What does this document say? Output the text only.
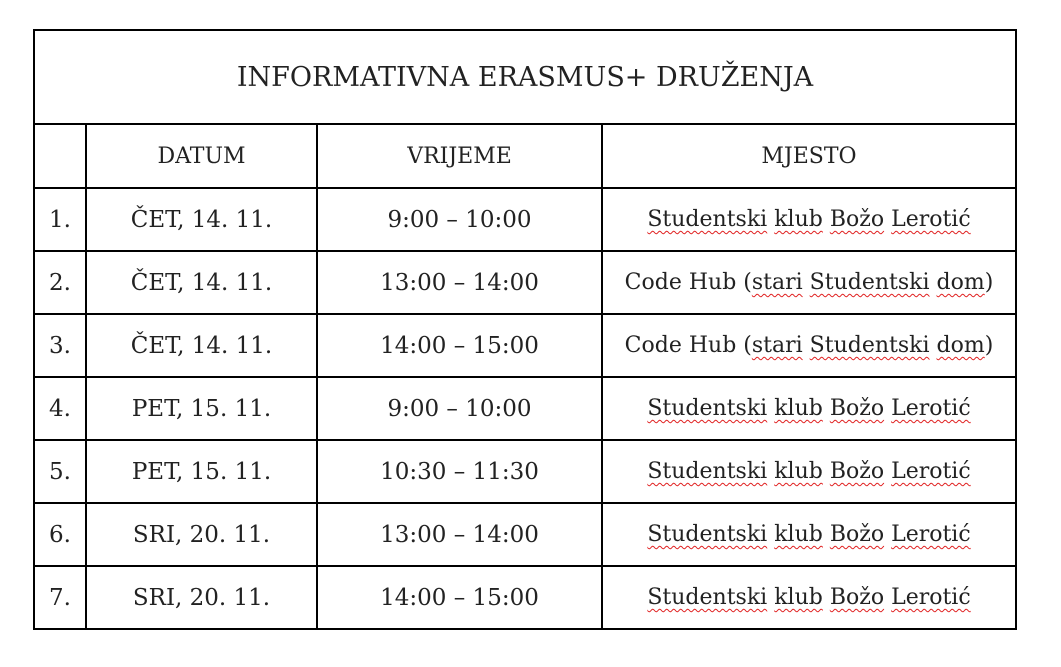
INFORMATIVNA ERASMUS+ DRUŽENJA			
	DATUM	VRIJEME	MJESTO
1.	ČET, 14. 11.	9:00 – 10:00	Studentski klub Božo Lerotić
2.	ČET, 14. 11.	13:00 – 14:00	Code Hub (stari Studentski dom)
3.	ČET, 14. 11.	14:00 – 15:00	Code Hub (stari Studentski dom)
4.	PET, 15. 11.	9:00 – 10:00	Studentski klub Božo Lerotić
5.	PET, 15. 11.	10:30 – 11:30	Studentski klub Božo Lerotić
6.	SRI, 20. 11.	13:00 – 14:00	Studentski klub Božo Lerotić
7.	SRI, 20. 11.	14:00 – 15:00	Studentski klub Božo Lerotić
